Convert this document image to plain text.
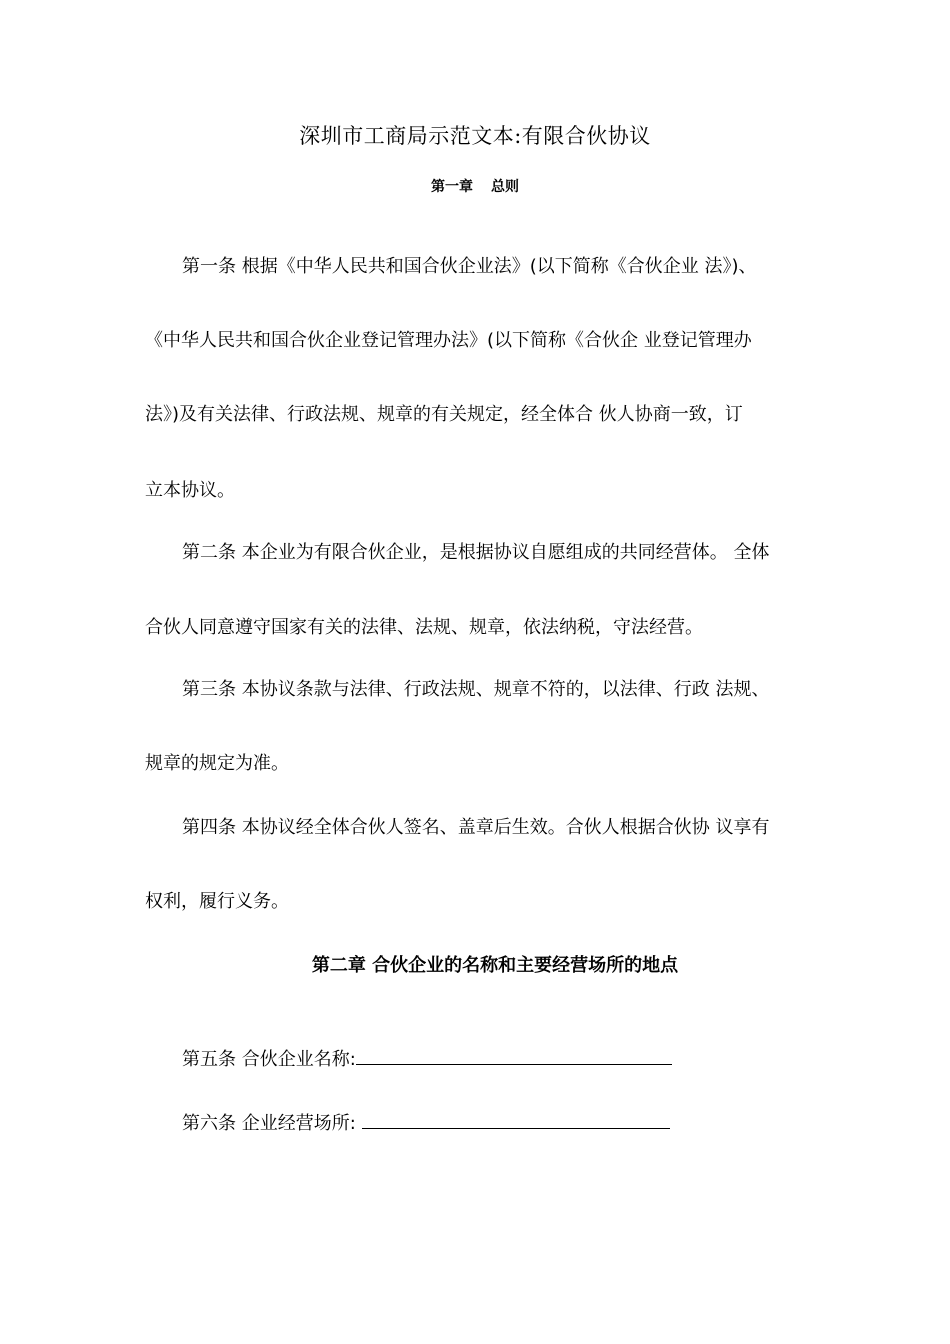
深圳市工商局示范文本:有限合伙协议
第一章 总则

第一条 根据《中华人民共和国合伙企业法》(以下简称《合伙企业 法》)、

《中华人民共和国合伙企业登记管理办法》(以下简称《合伙企 业登记管理办

法》)及有关法律、行政法规、规章的有关规定，经全体合 伙人协商一致，订

立本协议。

第二条 本企业为有限合伙企业，是根据协议自愿组成的共同经营体。 全体

合伙人同意遵守国家有关的法律、法规、规章，依法纳税，守法经营。

第三条 本协议条款与法律、行政法规、规章不符的，以法律、行政 法规、

规章的规定为准。

第四条 本协议经全体合伙人签名、盖章后生效。合伙人根据合伙协 议享有

权利，履行义务。

第二章 合伙企业的名称和主要经营场所的地点

第五条 合伙企业名称:

第六条 企业经营场所:
